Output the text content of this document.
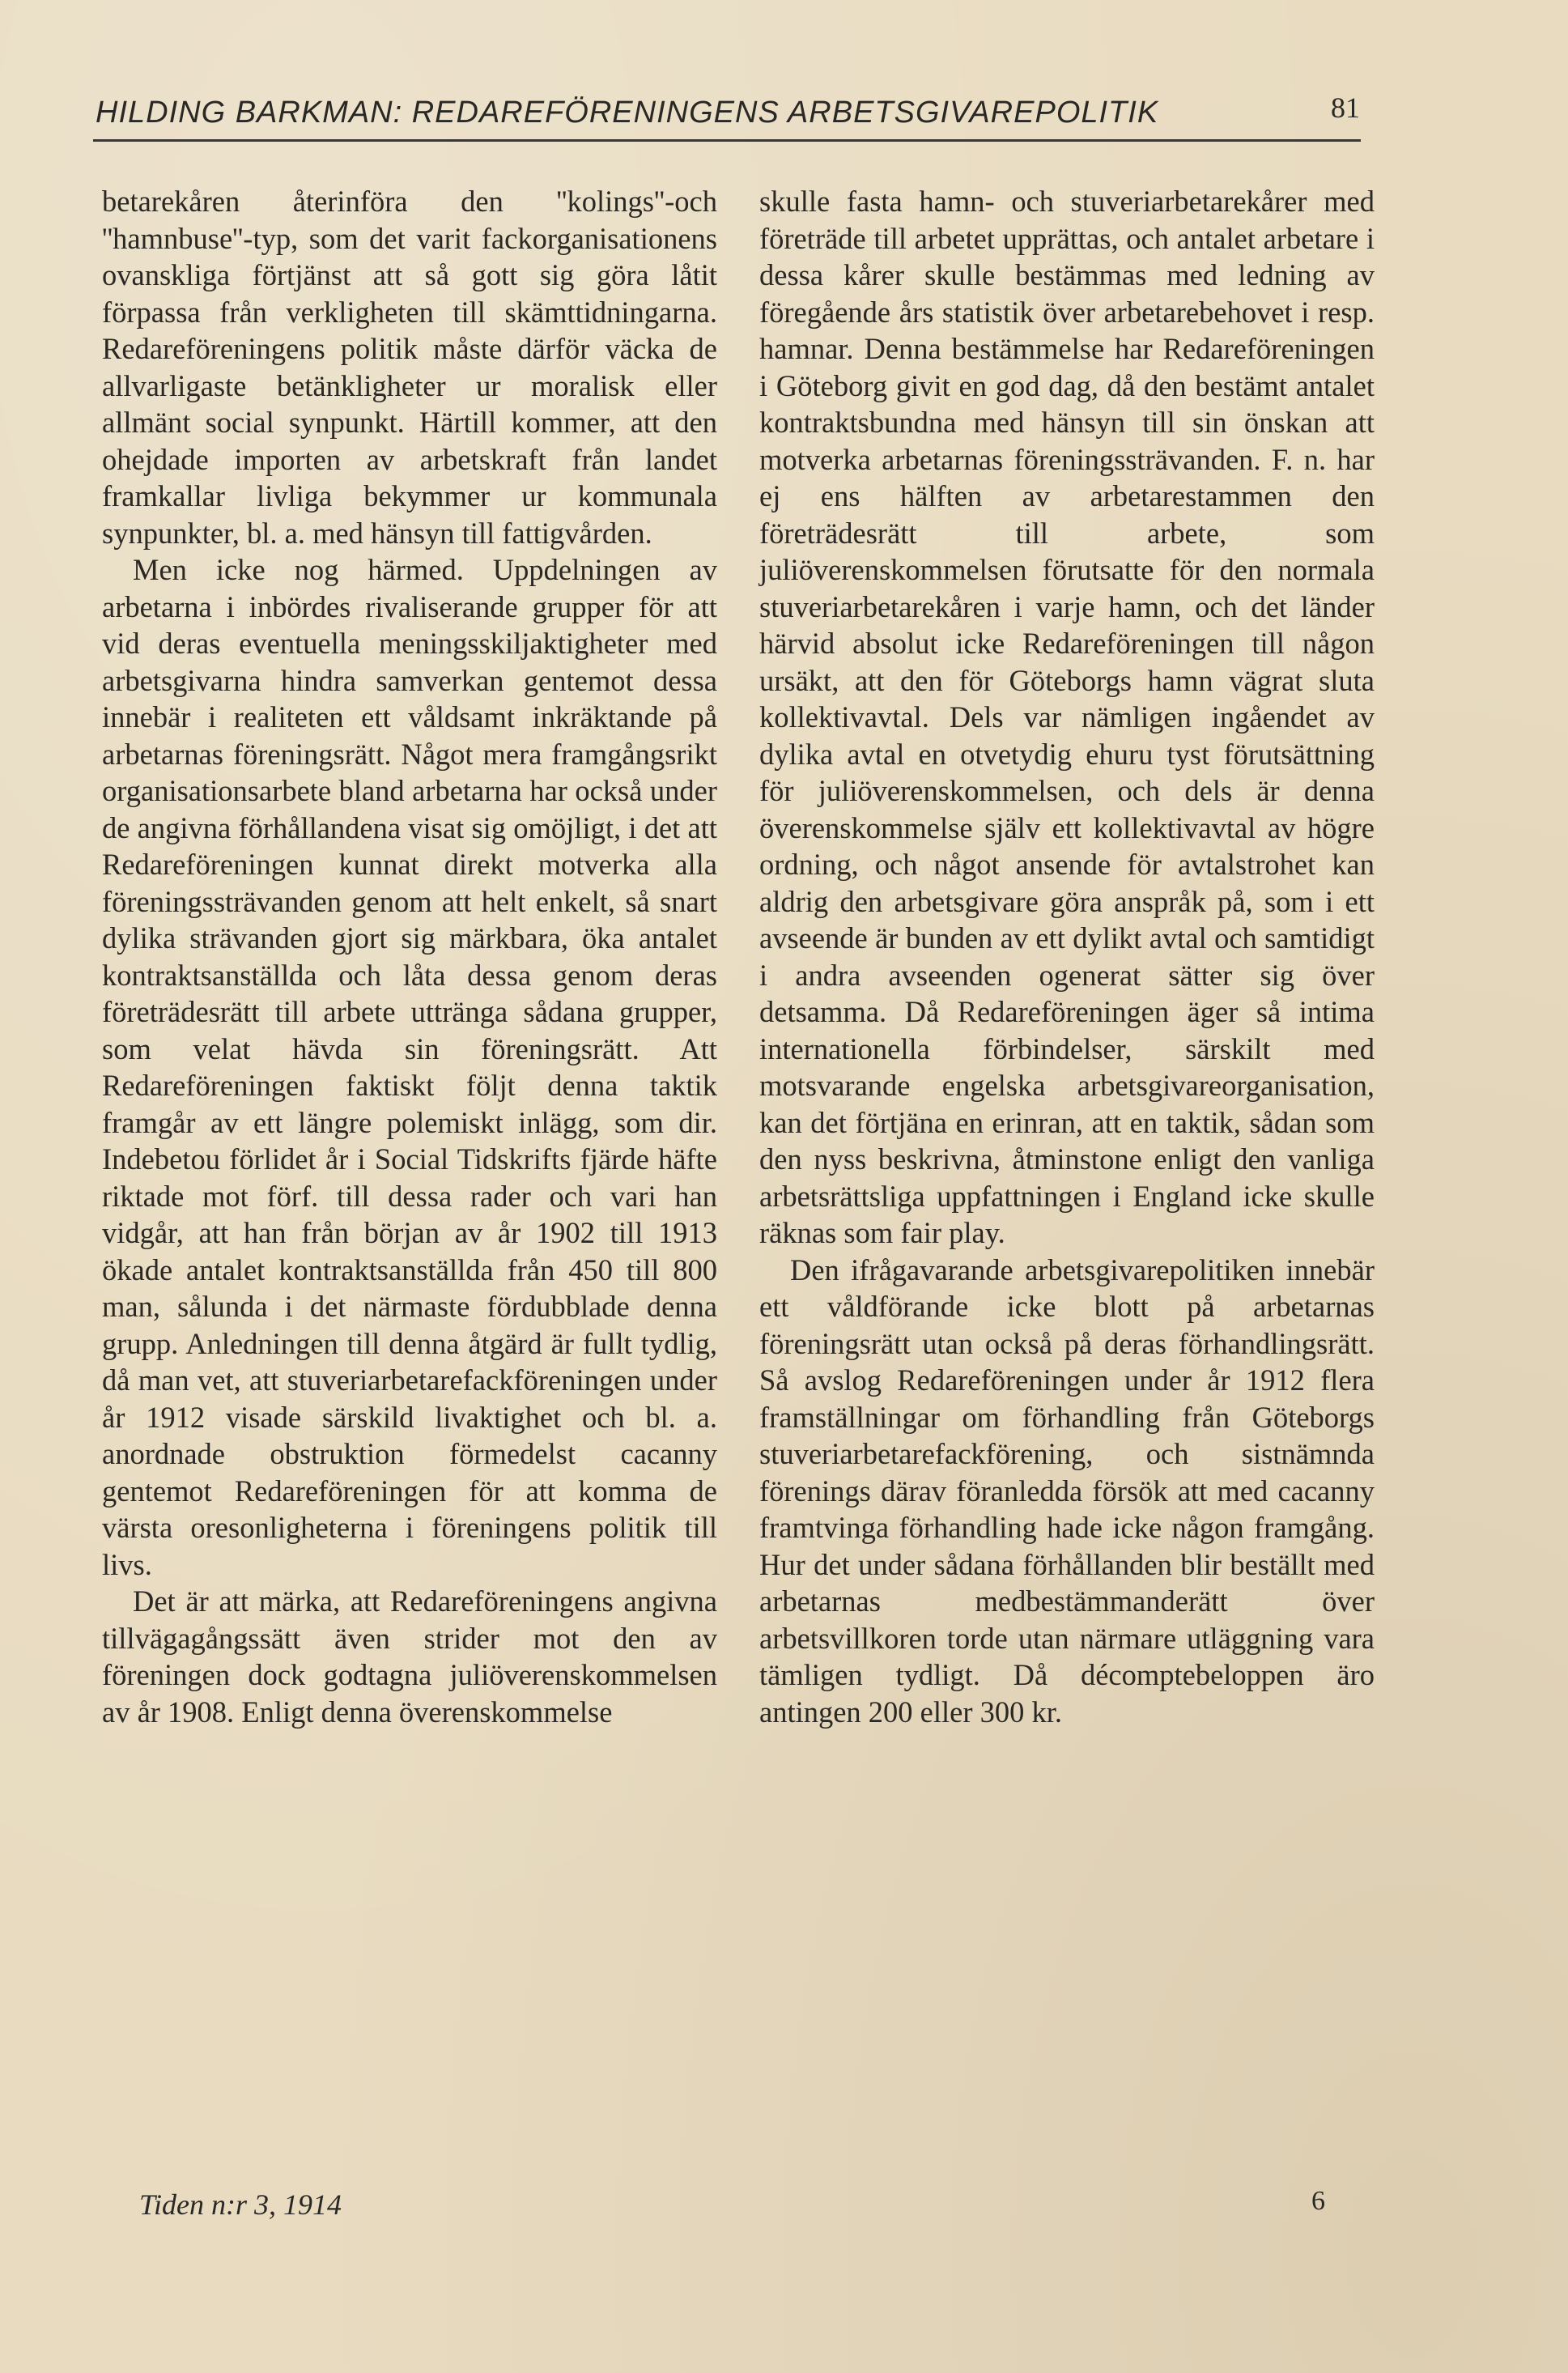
HILDING BARKMAN: REDAREFÖRENINGENS ARBETSGIVAREPOLITIK	81

betarekåren återinföra den ''kolings''-och ''hamnbuse''-typ, som det varit fackorganisationens ovanskliga förtjänst att så gott sig göra låtit förpassa från verkligheten till skämttidningarna. Redareföreningens politik måste därför väcka de allvarligaste betänkligheter ur moralisk eller allmänt social synpunkt. Härtill kommer, att den ohejdade importen av arbetskraft från landet framkallar livliga bekymmer ur kommunala synpunkter, bl. a. med hänsyn till fattigvården.

Men icke nog härmed. Uppdelningen av arbetarna i inbördes rivaliserande grupper för att vid deras eventuella meningsskiljaktigheter med arbetsgivarna hindra samverkan gentemot dessa innebär i realiteten ett våldsamt inkräktande på arbetarnas föreningsrätt. Något mera framgångsrikt organisationsarbete bland arbetarna har också under de angivna förhållandena visat sig omöjligt, i det att Redareföreningen kunnat direkt motverka alla föreningssträvanden genom att helt enkelt, så snart dylika strävanden gjort sig märkbara, öka antalet kontraktsanställda och låta dessa genom deras företrädesrätt till arbete uttränga sådana grupper, som velat hävda sin föreningsrätt. Att Redareföreningen faktiskt följt denna taktik framgår av ett längre polemiskt inlägg, som dir. Indebetou förlidet år i Social Tidskrifts fjärde häfte riktade mot förf. till dessa rader och vari han vidgår, att han från början av år 1902 till 1913 ökade antalet kontraktsanställda från 450 till 800 man, sålunda i det närmaste fördubblade denna grupp. Anledningen till denna åtgärd är fullt tydlig, då man vet, att stuveriarbetarefackföreningen under år 1912 visade särskild livaktighet och bl. a. anordnade obstruktion förmedelst cacanny gentemot Redareföreningen för att komma de värsta oresonligheterna i föreningens politik till livs.

Det är att märka, att Redareföreningens angivna tillvägagångssätt även strider mot den av föreningen dock godtagna juliöverenskommelsen av år 1908. Enligt denna överenskommelse

skulle fasta hamn- och stuveriarbetarekårer med företräde till arbetet upprättas, och antalet arbetare i dessa kårer skulle bestämmas med ledning av föregående års statistik över arbetarebehovet i resp. hamnar. Denna bestämmelse har Redareföreningen i Göteborg givit en god dag, då den bestämt antalet kontraktsbundna med hänsyn till sin önskan att motverka arbetarnas föreningssträvanden. F. n. har ej ens hälften av arbetarestammen den företrädesrätt till arbete, som juliöverenskommelsen förutsatte för den normala stuveriarbetarekåren i varje hamn, och det länder härvid absolut icke Redareföreningen till någon ursäkt, att den för Göteborgs hamn vägrat sluta kollektivavtal. Dels var nämligen ingåendet av dylika avtal en otvetydig ehuru tyst förutsättning för juliöverenskommelsen, och dels är denna överenskommelse själv ett kollektivavtal av högre ordning, och något ansende för avtalstrohet kan aldrig den arbetsgivare göra anspråk på, som i ett avseende är bunden av ett dylikt avtal och samtidigt i andra avseenden ogenerat sätter sig över detsamma. Då Redareföreningen äger så intima internationella förbindelser, särskilt med motsvarande engelska arbetsgivareorganisation, kan det förtjäna en erinran, att en taktik, sådan som den nyss beskrivna, åtminstone enligt den vanliga arbetsrättsliga uppfattningen i England icke skulle räknas som fair play.

Den ifrågavarande arbetsgivarepolitiken innebär ett våldförande icke blott på arbetarnas föreningsrätt utan också på deras förhandlingsrätt. Så avslog Redareföreningen under år 1912 flera framställningar om förhandling från Göteborgs stuveriarbetarefackförening, och sistnämnda förenings därav föranledda försök att med cacanny framtvinga förhandling hade icke någon framgång. Hur det under sådana förhållanden blir beställt med arbetarnas medbestämmanderätt över arbetsvillkoren torde utan närmare utläggning vara tämligen tydligt. Då décomptebeloppen äro antingen 200 eller 300 kr.

Tiden n:r 3, 1914	6
